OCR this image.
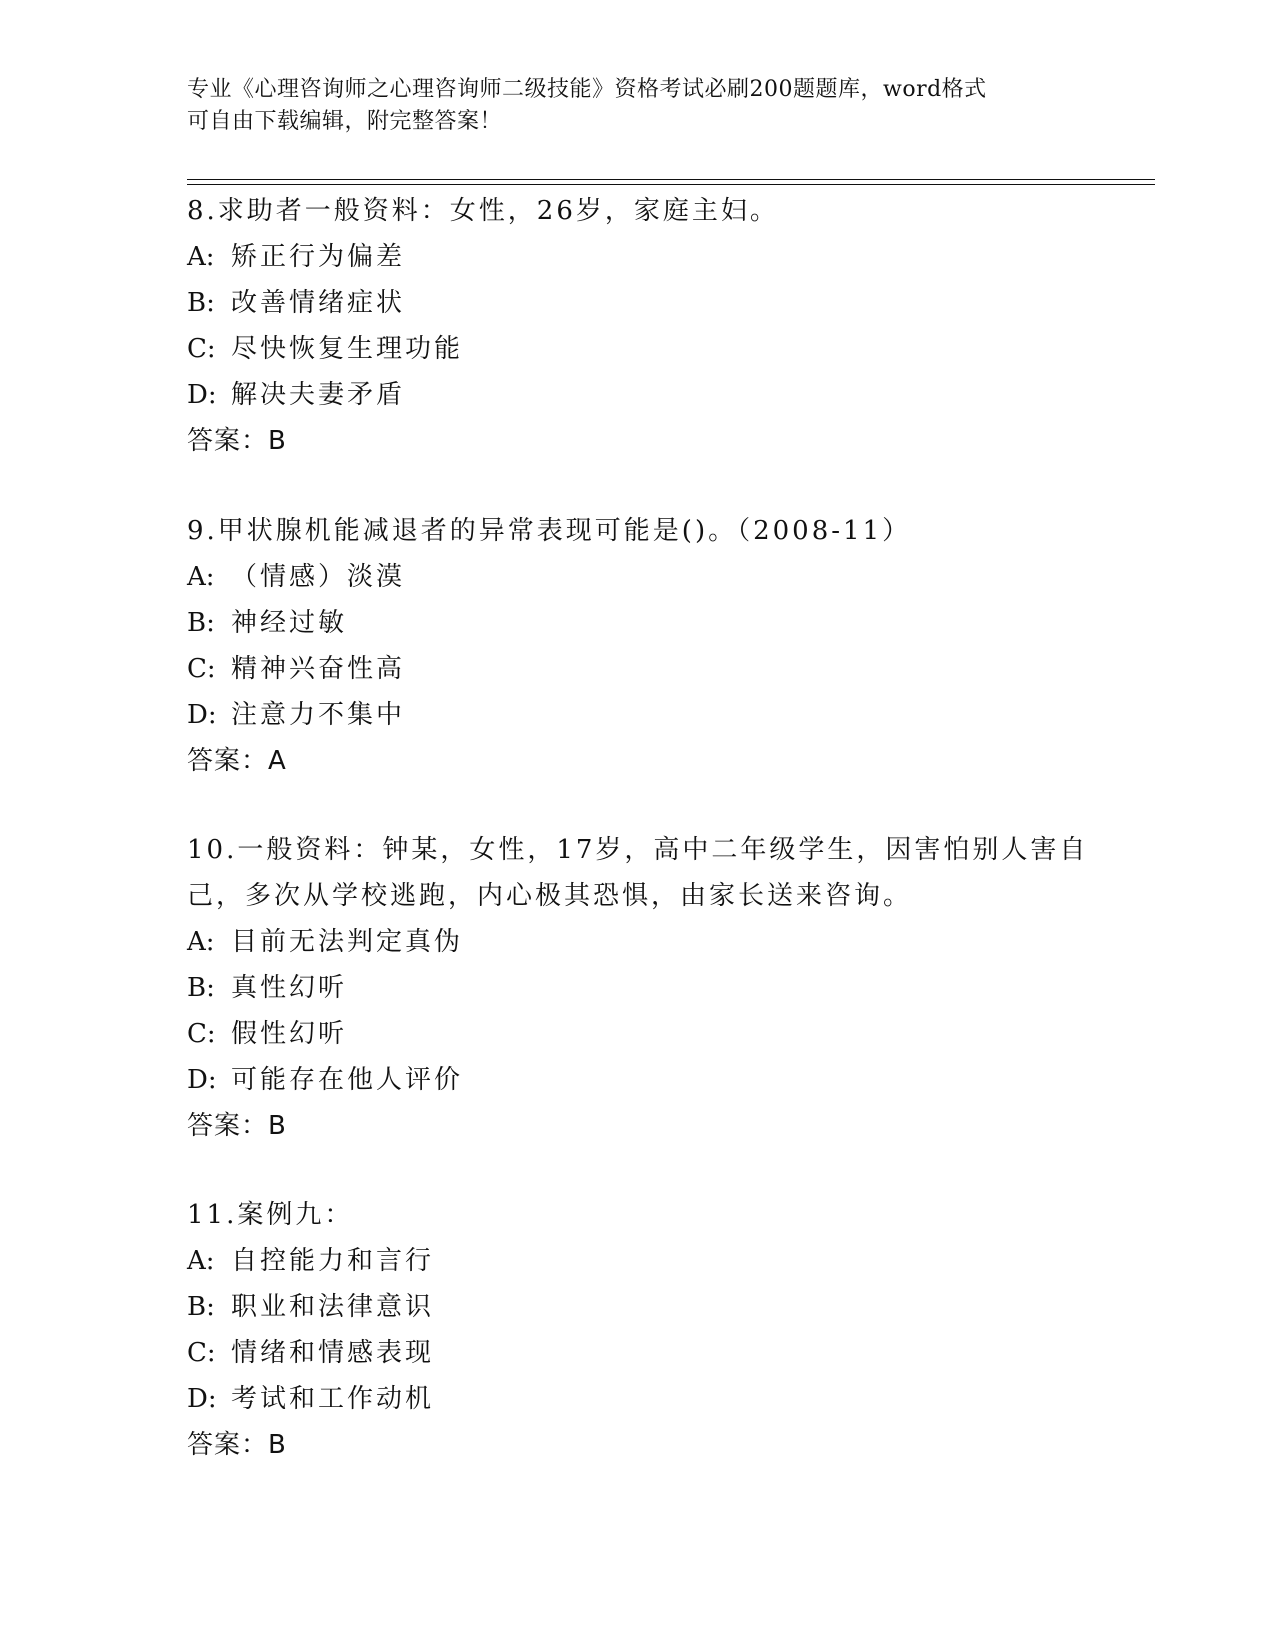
专业《心理咨询师之心理咨询师二级技能》资格考试必刷200题题库，word格式
可自由下载编辑，附完整答案！

8.求助者一般资料：女性，26岁，家庭主妇。

A: 矫正行为偏差

B: 改善情绪症状

C: 尽快恢复生理功能

D: 解决夫妻矛盾

答案：B

9.甲状腺机能减退者的异常表现可能是()。（2008-11）

A: （情感）淡漠

B: 神经过敏

C: 精神兴奋性高

D: 注意力不集中

答案：A

10.一般资料：钟某，女性，17岁，高中二年级学生，因害怕别人害自己，多次从学校逃跑，内心极其恐惧，由家长送来咨询。

A: 目前无法判定真伪

B: 真性幻听

C: 假性幻听

D: 可能存在他人评价

答案：B

11.案例九：

A: 自控能力和言行

B: 职业和法律意识

C: 情绪和情感表现

D: 考试和工作动机

答案：B
